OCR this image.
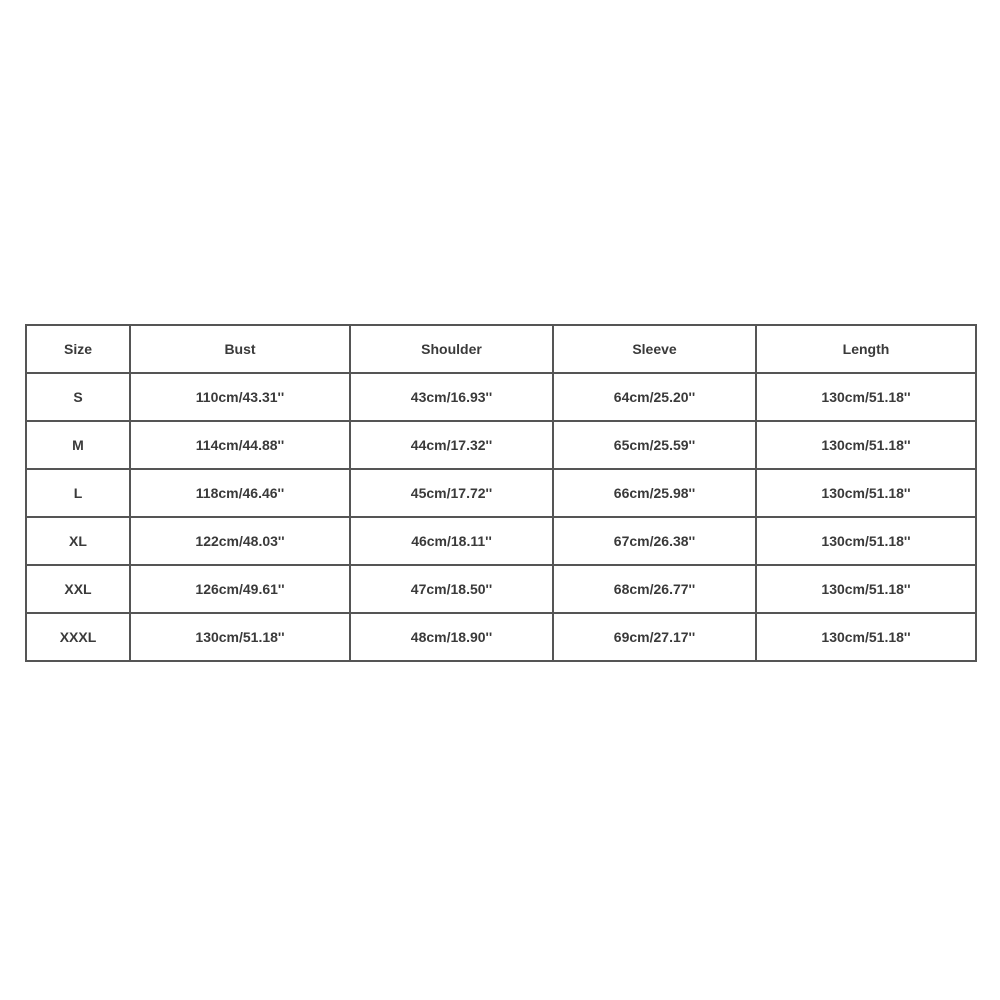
Size	Bust	Shoulder	Sleeve	Length
S	110cm/43.31''	43cm/16.93''	64cm/25.20''	130cm/51.18''
M	114cm/44.88''	44cm/17.32''	65cm/25.59''	130cm/51.18''
L	118cm/46.46''	45cm/17.72''	66cm/25.98''	130cm/51.18''
XL	122cm/48.03''	46cm/18.11''	67cm/26.38''	130cm/51.18''
XXL	126cm/49.61''	47cm/18.50''	68cm/26.77''	130cm/51.18''
XXXL	130cm/51.18''	48cm/18.90''	69cm/27.17''	130cm/51.18''
